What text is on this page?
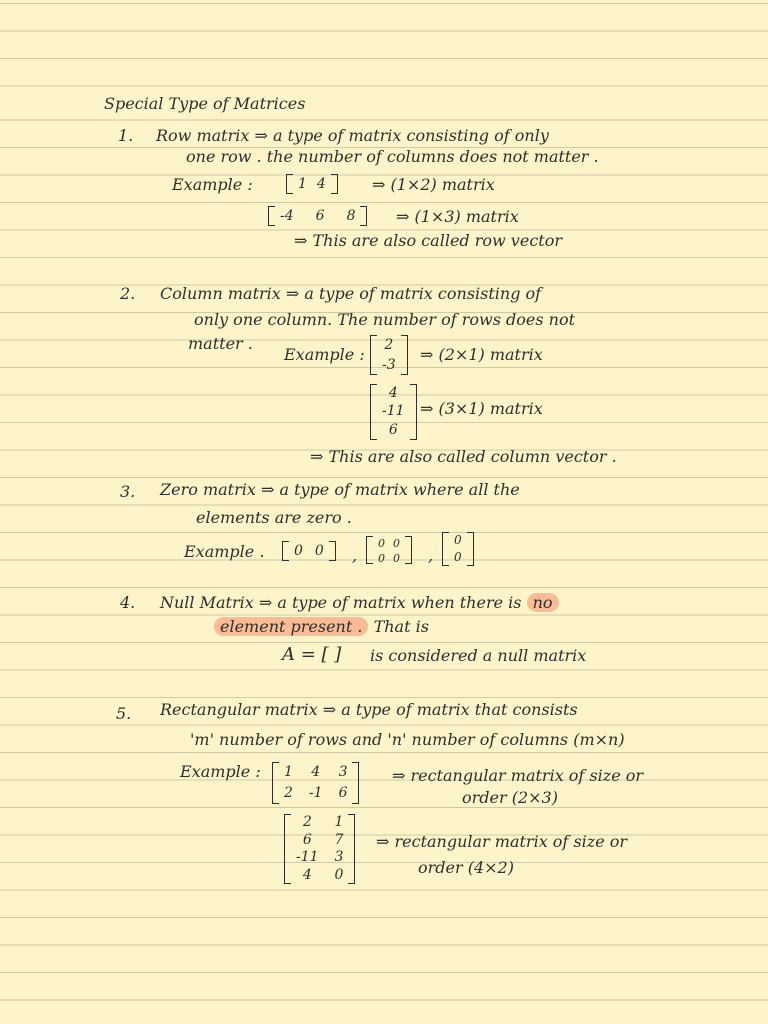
Special Type of Matrices
1. Row matrix ⇒ a type of matrix consisting of only
one row . the number of columns does not matter .
Example :	1 4	⇒ (1×2) matrix
-4 6 8	⇒ (1×3) matrix
⇒ This are also called row vector
2. Column matrix ⇒ a type of matrix consisting of
only one column. The number of rows does not
matter .
Example :
2
-3
⇒ (2×1) matrix
4
-11
6
⇒ (3×1) matrix
⇒ This are also called column vector .
3. Zero matrix ⇒ a type of matrix where all the
elements are zero .
Example . 0 0 ,
0 0
0 0 ,
0
0
4. Null Matrix ⇒ a type of matrix when there is no
element present . That is
A = [ ] is considered a null matrix
5. Rectangular matrix ⇒ a type of matrix that consists
'm' number of rows and 'n' number of columns (m×n)
Example : 1 4 3
2 -1 6
⇒ rectangular matrix of size or
order (2×3)
2 1
6 7
-11 3
4 0
⇒ rectangular matrix of size or
order (4×2)
